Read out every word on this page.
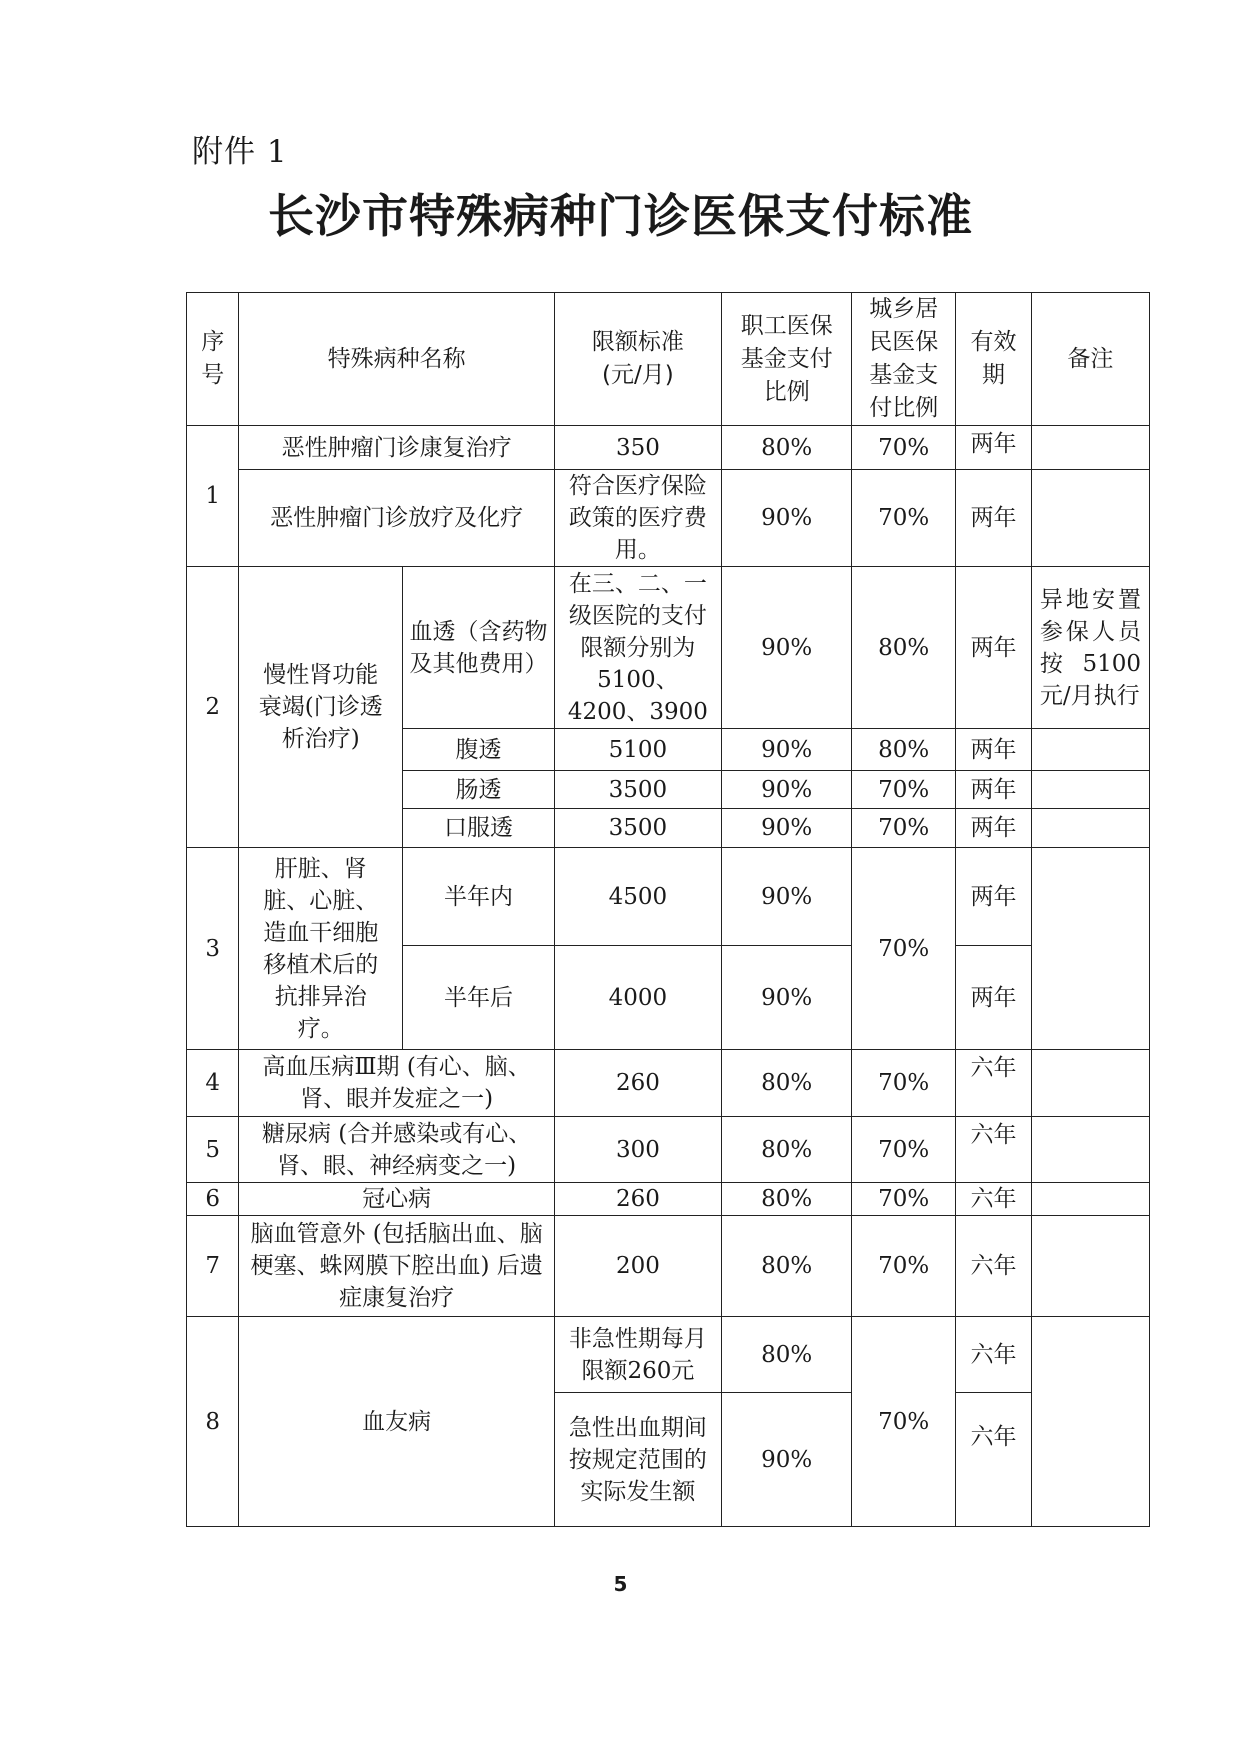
附件 1
长沙市特殊病种门诊医保支付标准
序号	特殊病种名称		限额标准(元/月)	职工医保基金支付比例	城乡居民医保基金支付比例	有效期	备注
1	恶性肿瘤门诊康复治疗		350	80%	70%	两年	
	恶性肿瘤门诊放疗及化疗		符合医疗保险政策的医疗费用。	90%	70%	两年	
2	慢性肾功能衰竭(门诊透析治疗)	血透（含药物及其他费用）	在三、二、一级医院的支付限额分别为 5100、4200、3900	90%	80%	两年	异地安置参保人员按 5100 元/月执行
		腹透	5100	90%	80%	两年	
		肠透	3500	90%	70%	两年	
		口服透	3500	90%	70%	两年	
3	肝脏、肾脏、心脏、造血干细胞移植术后的抗排异治疗。	半年内	4500	90%	70%	两年	
		半年后	4000	90%		两年	
4	高血压病Ⅲ期 (有心、脑、肾、眼并发症之一)		260	80%	70%	六年	
5	糖尿病 (合并感染或有心、肾、眼、神经病变之一)		300	80%	70%	六年	
6	冠心病		260	80%	70%	六年	
7	脑血管意外 (包括脑出血、脑梗塞、蛛网膜下腔出血) 后遗症康复治疗		200	80%	70%	六年	
8	血友病		非急性期每月限额260元	80%	70%	六年	
			急性出血期间按规定范围的实际发生额	90%		六年	
5
